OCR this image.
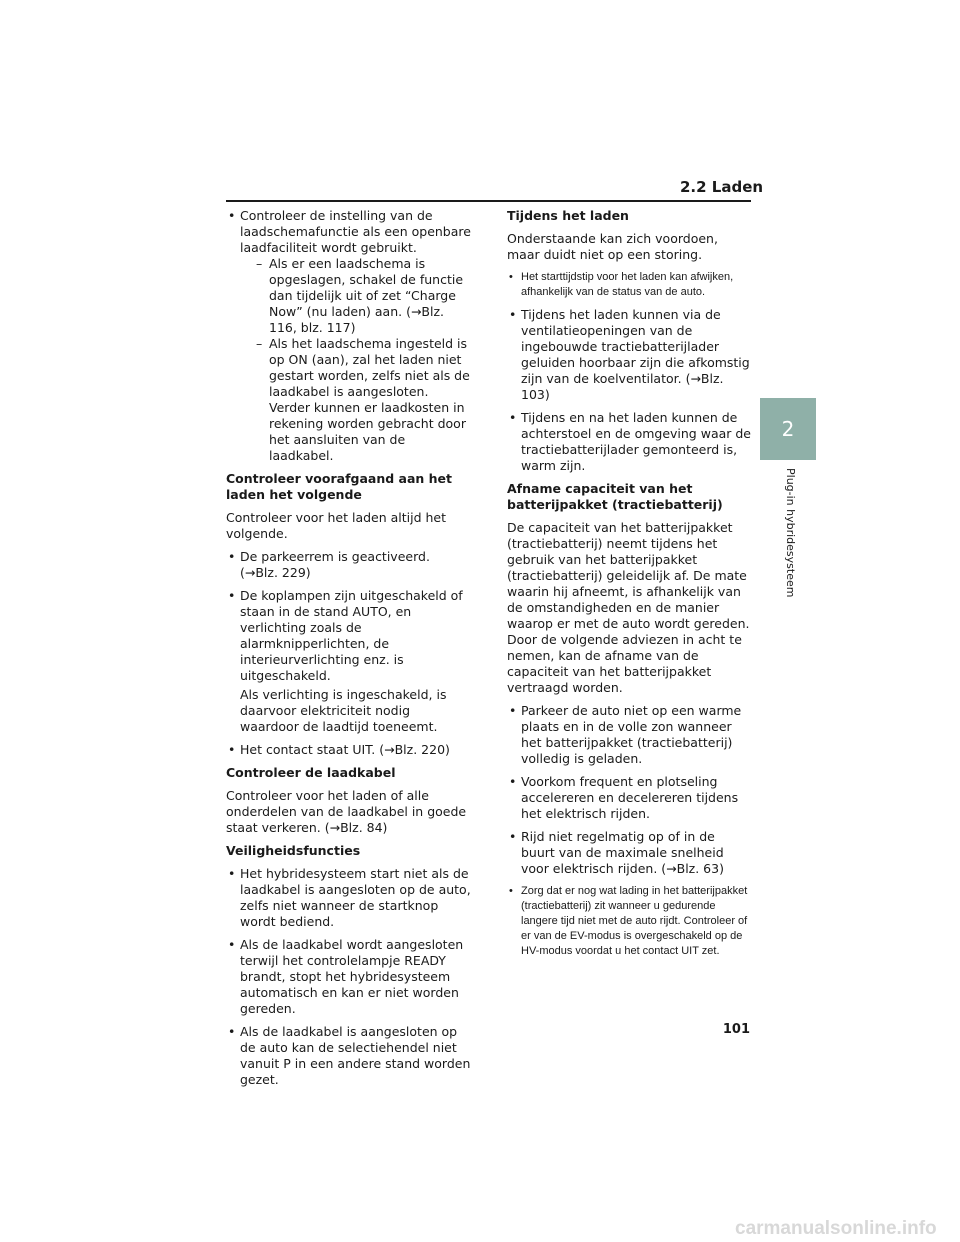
2.2 Laden
2
Plug-in hybridesysteem
• Controleer de instelling van de laadschemafunctie als een openbare laadfaciliteit wordt gebruikt.
– Als er een laadschema is opgeslagen, schakel de functie dan tijdelijk uit of zet “Charge Now” (nu laden) aan. (→Blz. 116, blz. 117)
– Als het laadschema ingesteld is op ON (aan), zal het laden niet gestart worden, zelfs niet als de laadkabel is aangesloten. Verder kunnen er laadkosten in rekening worden gebracht door het aansluiten van de laadkabel.
Controleer voorafgaand aan het laden het volgende
Controleer voor het laden altijd het volgende.
• De parkeerrem is geactiveerd. (→Blz. 229)
• De koplampen zijn uitgeschakeld of staan in de stand AUTO, en verlichting zoals de alarmknipperlichten, de interieurverlichting enz. is uitgeschakeld.
Als verlichting is ingeschakeld, is daarvoor elektriciteit nodig waardoor de laadtijd toeneemt.
• Het contact staat UIT. (→Blz. 220)
Controleer de laadkabel
Controleer voor het laden of alle onderdelen van de laadkabel in goede staat verkeren. (→Blz. 84)
Veiligheidsfuncties
• Het hybridesysteem start niet als de laadkabel is aangesloten op de auto, zelfs niet wanneer de startknop wordt bediend.
• Als de laadkabel wordt aangesloten terwijl het controlelampje READY brandt, stopt het hybridesysteem automatisch en kan er niet worden gereden.
• Als de laadkabel is aangesloten op de auto kan de selectiehendel niet vanuit P in een andere stand worden gezet.
Tijdens het laden
Onderstaande kan zich voordoen, maar duidt niet op een storing.
• Het starttijdstip voor het laden kan afwijken, afhankelijk van de status van de auto.
• Tijdens het laden kunnen via de ventilatieopeningen van de ingebouwde tractiebatterijlader geluiden hoorbaar zijn die afkomstig zijn van de koelventilator. (→Blz. 103)
• Tijdens en na het laden kunnen de achterstoel en de omgeving waar de tractiebatterijlader gemonteerd is, warm zijn.
Afname capaciteit van het batterijpakket (tractiebatterij)
De capaciteit van het batterijpakket (tractiebatterij) neemt tijdens het gebruik van het batterijpakket (tractiebatterij) geleidelijk af. De mate waarin hij afneemt, is afhankelijk van de omstandigheden en de manier waarop er met de auto wordt gereden. Door de volgende adviezen in acht te nemen, kan de afname van de capaciteit van het batterijpakket vertraagd worden.
• Parkeer de auto niet op een warme plaats en in de volle zon wanneer het batterijpakket (tractiebatterij) volledig is geladen.
• Voorkom frequent en plotseling accelereren en decelereren tijdens het elektrisch rijden.
• Rijd niet regelmatig op of in de buurt van de maximale snelheid voor elektrisch rijden. (→Blz. 63)
• Zorg dat er nog wat lading in het batterijpakket (tractiebatterij) zit wanneer u gedurende langere tijd niet met de auto rijdt. Controleer of er van de EV-modus is overgeschakeld op de HV-modus voordat u het contact UIT zet.
101
carmanualsonline.info
